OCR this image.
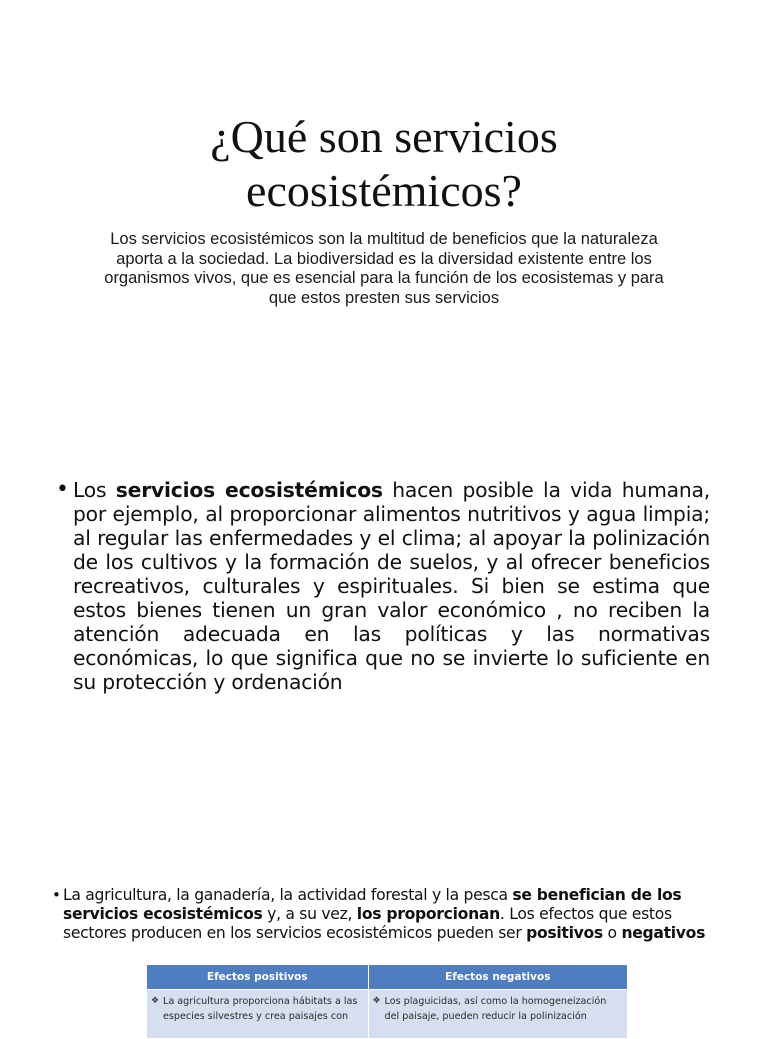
¿Qué son servicios
ecosistémicos?

Los servicios ecosistémicos son la multitud de beneficios que la naturaleza aporta a la sociedad. La biodiversidad es la diversidad existente entre los organismos vivos, que es esencial para la función de los ecosistemas y para que estos presten sus servicios

• Los servicios ecosistémicos hacen posible la vida humana, por ejemplo, al proporcionar alimentos nutritivos y agua limpia; al regular las enfermedades y el clima; al apoyar la polinización de los cultivos y la formación de suelos, y al ofrecer beneficios recreativos, culturales y espirituales. Si bien se estima que estos bienes tienen un gran valor económico , no reciben la atención adecuada en las políticas y las normativas económicas, lo que significa que no se invierte lo suficiente en su protección y ordenación
• La agricultura, la ganadería, la actividad forestal y la pesca se benefician de los servicios ecosistémicos y, a su vez, los proporcionan. Los efectos que estos sectores producen en los servicios ecosistémicos pueden ser positivos o negativos
Efectos positivos	Efectos negativos

❖ La agricultura proporciona hábitats a las especies silvestres y crea paisajes con	❖ Los plaguicidas, así como la homogeneización del paisaje, pueden reducir la polinización
